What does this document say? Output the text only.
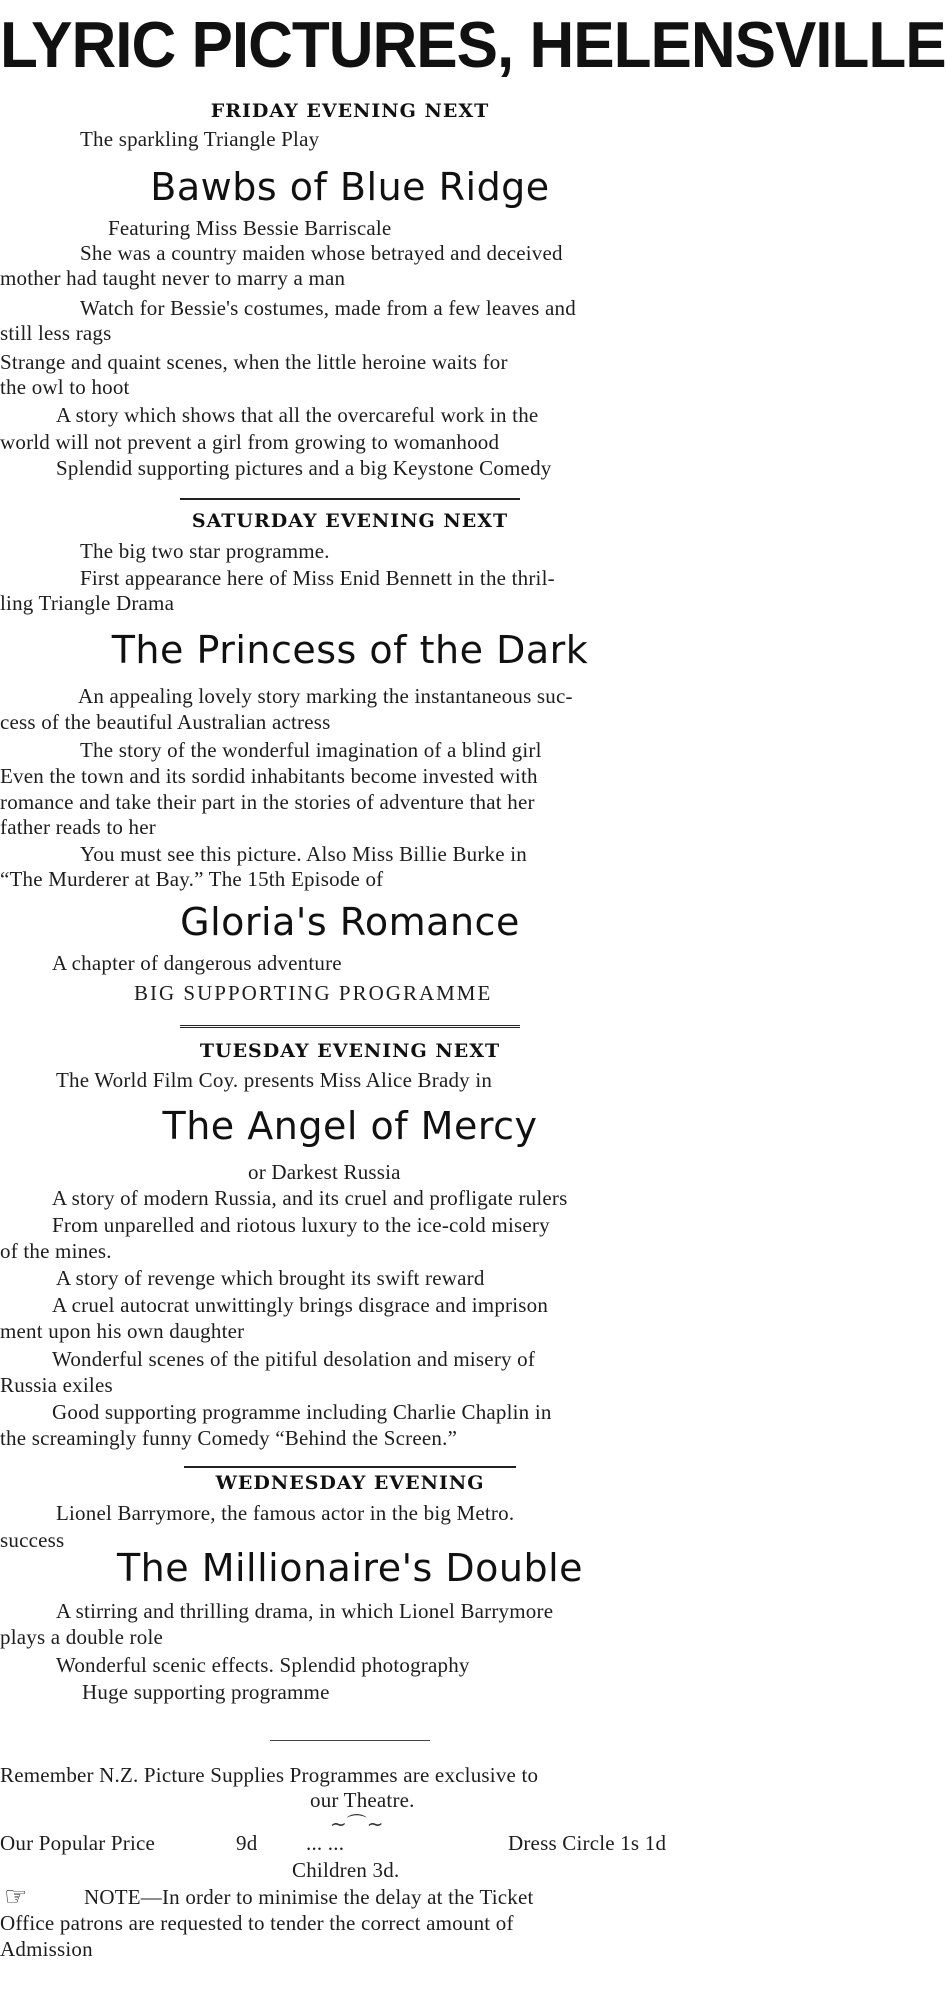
LYRIC PICTURES, HELENSVILLE
FRIDAY EVENING NEXT
The sparkling Triangle Play
Bawbs of Blue Ridge
Featuring Miss Bessie Barriscale
She was a country maiden whose betrayed and deceived
mother had taught never to marry a man
Watch for Bessie's costumes, made from a few leaves and
still less rags
Strange and quaint scenes, when the little heroine waits for
the owl to hoot
A story which shows that all the overcareful work in the
world will not prevent a girl from growing to womanhood
Splendid supporting pictures and a big Keystone Comedy
SATURDAY EVENING NEXT
The big two star programme.
First appearance here of Miss Enid Bennett in the thril-
ling Triangle Drama
The Princess of the Dark
An appealing lovely story marking the instantaneous suc-
cess of the beautiful Australian actress
The story of the wonderful imagination of a blind girl
Even the town and its sordid inhabitants become invested with
romance and take their part in the stories of adventure that her
father reads to her
You must see this picture. Also Miss Billie Burke in
“The Murderer at Bay.” The 15th Episode of
Gloria's Romance
A chapter of dangerous adventure
BIG SUPPORTING PROGRAMME
TUESDAY EVENING NEXT
The World Film Coy. presents Miss Alice Brady in
The Angel of Mercy
or Darkest Russia
A story of modern Russia, and its cruel and profligate rulers
From unparelled and riotous luxury to the ice-cold misery
of the mines.
A story of revenge which brought its swift reward
A cruel autocrat unwittingly brings disgrace and imprison
ment upon his own daughter
Wonderful scenes of the pitiful desolation and misery of
Russia exiles
Good supporting programme including Charlie Chaplin in
the screamingly funny Comedy “Behind the Screen.”
WEDNESDAY EVENING
Lionel Barrymore, the famous actor in the big Metro.
success
The Millionaire's Double
A stirring and thrilling drama, in which Lionel Barrymore
plays a double role
Wonderful scenic effects. Splendid photography
Huge supporting programme
Remember N.Z. Picture Supplies Programmes are exclusive to
our Theatre.
~⌒~
Our Popular Price	9d ... ...	Dress Circle 1s 1d
Children 3d.
☞	NOTE—In order to minimise the delay at the Ticket
Office patrons are requested to tender the correct amount of
Admission
